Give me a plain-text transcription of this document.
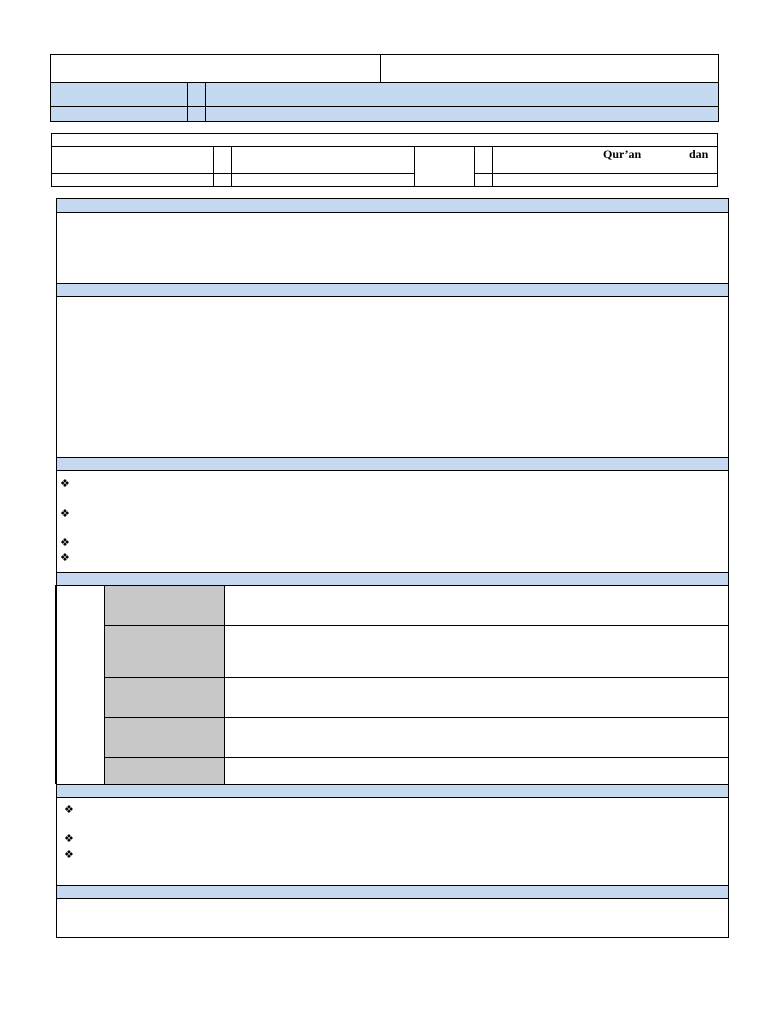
Qur’an	dan
❖
❖
❖
❖
❖
❖
❖
